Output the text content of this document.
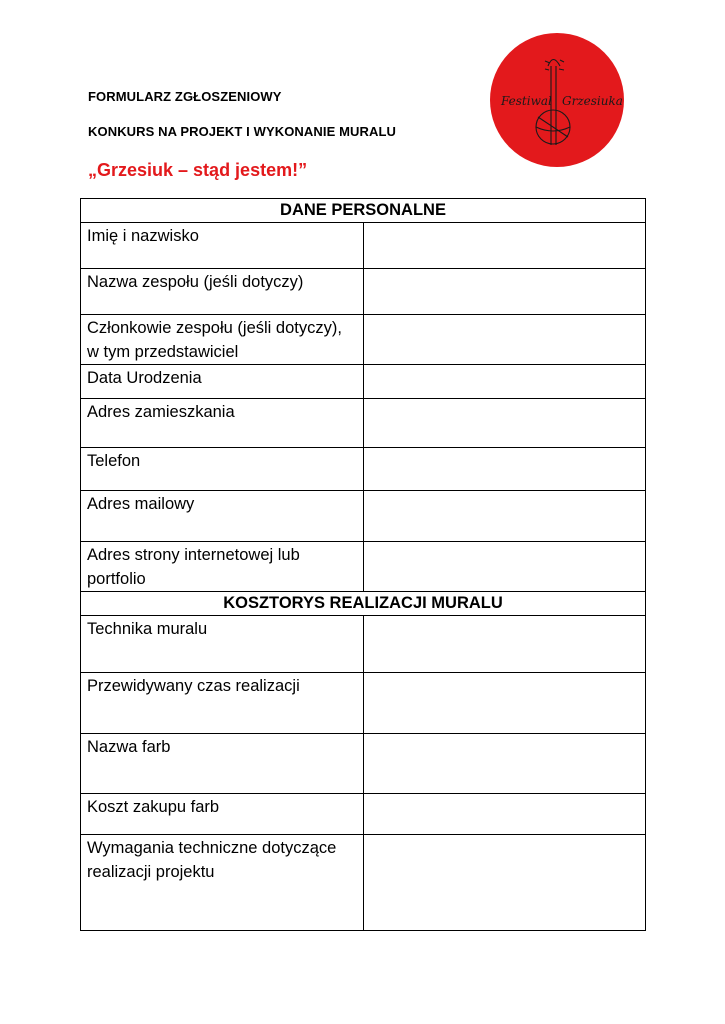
FORMULARZ ZGŁOSZENIOWY
KONKURS NA PROJEKT I WYKONANIE MURALU
„Grzesiuk – stąd jestem!”
Festiwal Grzesiuka
DANE PERSONALNE	
Imię i nazwisko	
Nazwa zespołu (jeśli dotyczy)	
Członkowie zespołu (jeśli dotyczy), w tym przedstawiciel	
Data Urodzenia	
Adres zamieszkania	
Telefon	
Adres mailowy	
Adres strony internetowej lub portfolio	
KOSZTORYS REALIZACJI MURALU	
Technika muralu	
Przewidywany czas realizacji	
Nazwa farb	
Koszt zakupu farb	
Wymagania techniczne dotyczące realizacji projektu	
